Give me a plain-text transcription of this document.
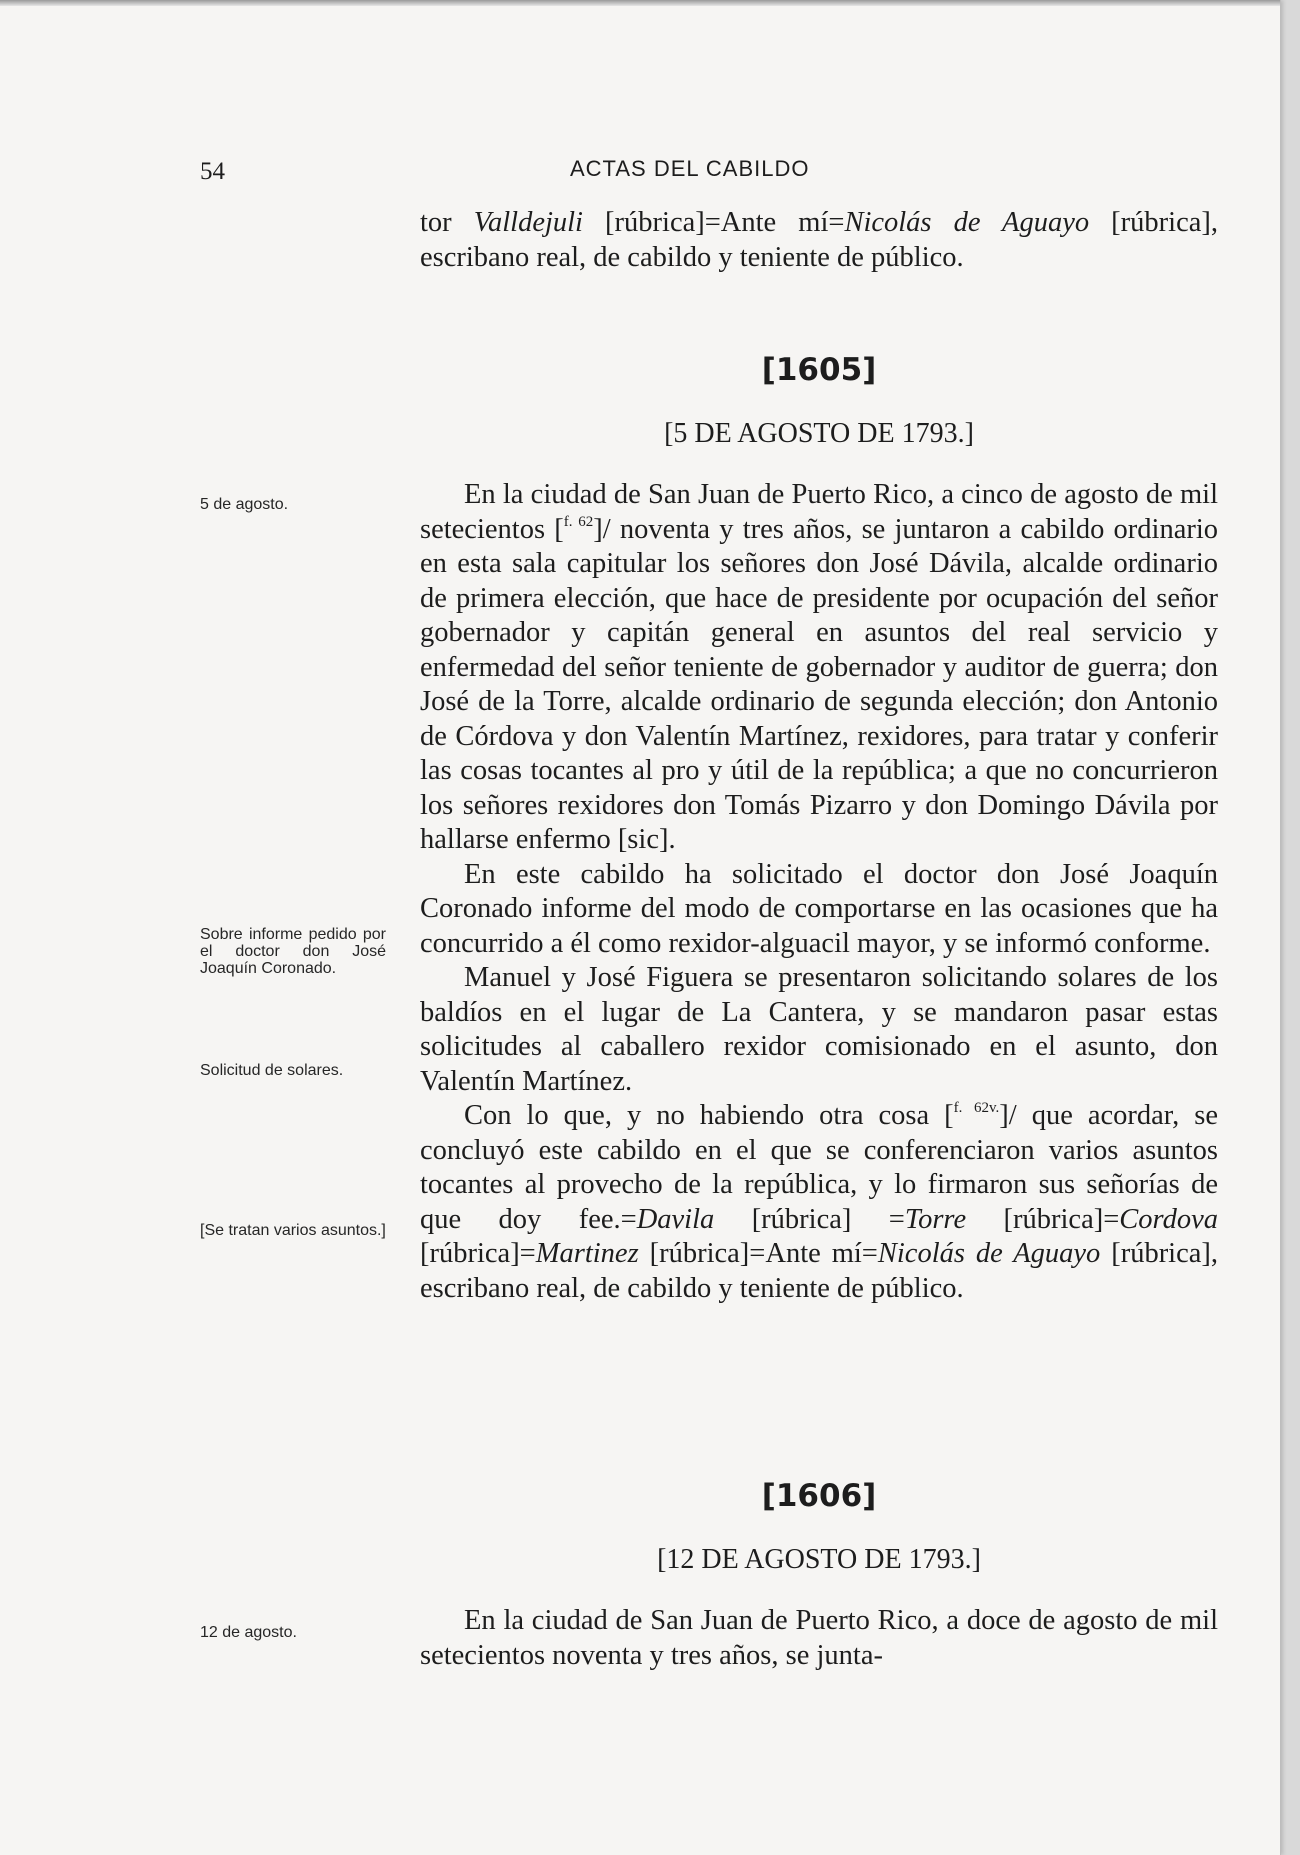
54	ACTAS DEL CABILDO

tor Valldejuli [rúbrica]=Ante mí=Nicolás de Aguayo [rúbrica], escribano real, de cabildo y teniente de público.

[1605]
[5 DE AGOSTO DE 1793.]
5 de agosto.
Sobre informe pedido por el doctor don José Joaquín Coronado.
Solicitud de solares.
[Se tratan varios asuntos.]

En la ciudad de San Juan de Puerto Rico, a cinco de agosto de mil setecientos [$^{f. 62}$]/ noventa y tres años, se juntaron a cabildo ordinario en esta sala capitular los señores don José Dávila, alcalde ordinario de primera elección, que hace de presidente por ocupación del señor gobernador y capitán general en asuntos del real servicio y enfermedad del señor teniente de gobernador y auditor de guerra; don José de la Torre, alcalde ordinario de segunda elección; don Antonio de Córdova y don Valentín Martínez, rexidores, para tratar y conferir las cosas tocantes al pro y útil de la república; a que no concurrieron los señores rexidores don Tomás Pizarro y don Domingo Dávila por hallarse enfermo [sic].

En este cabildo ha solicitado el doctor don José Joaquín Coronado informe del modo de comportarse en las ocasiones que ha concurrido a él como rexidor-alguacil mayor, y se informó conforme.

Manuel y José Figuera se presentaron solicitando solares de los baldíos en el lugar de La Cantera, y se mandaron pasar estas solicitudes al caballero rexidor comisionado en el asunto, don Valentín Martínez.

Con lo que, y no habiendo otra cosa [$^{f. 62v.}$]/ que acordar, se concluyó este cabildo en el que se conferenciaron varios asuntos tocantes al provecho de la república, y lo firmaron sus señorías de que doy fee.=Davila [rúbrica] =Torre [rúbrica]=Cordova [rúbrica]=Martinez [rúbrica]=Ante mí=Nicolás de Aguayo [rúbrica], escribano real, de cabildo y teniente de público.

[1606]
[12 DE AGOSTO DE 1793.]
12 de agosto.	En la ciudad de San Juan de Puerto Rico, a doce de agosto de mil setecientos noventa y tres años, se junta-
